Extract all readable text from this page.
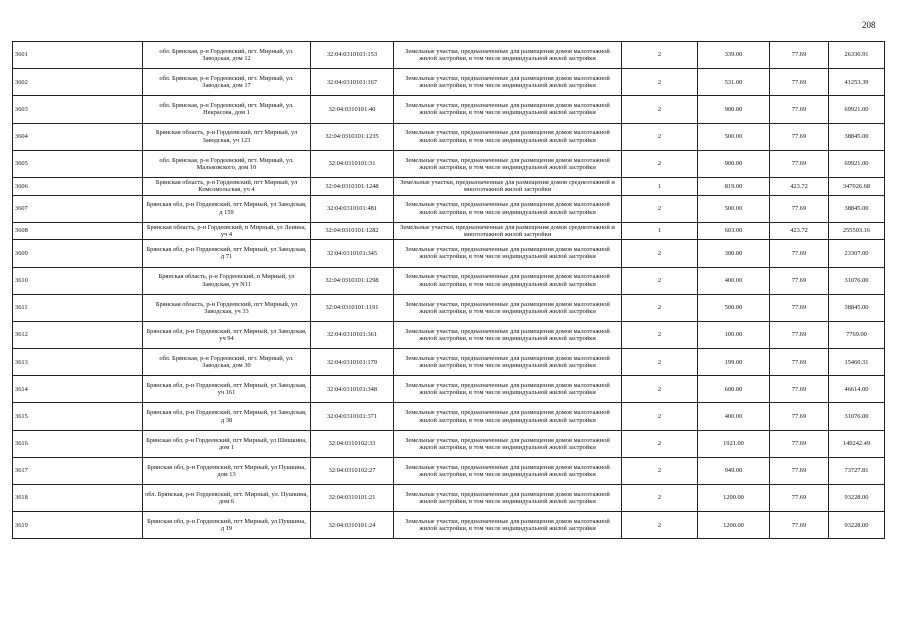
208
3601	обл. Брянская, р-н Гордеевский, пгт. Мирный, ул. Заводская, дом 12	32:04:0310101:153	Земельные участки, предназначенные для размещения домов малоэтажной жилой застройки, в том числе индивидуальной жилой застройки	2	339.00	77.69	26336.91
3602	обл. Брянская, р-н Гордеевский, пгт. Мирный, ул. Заводская, дом 17	32:04:0310101:167	Земельные участки, предназначенные для размещения домов малоэтажной жилой застройки, в том числе индивидуальной жилой застройки	2	531.00	77.69	41253.39
3603	обл. Брянская, р-н Гордеевский, пгт. Мирный, ул. Некрасова, дом 1	32:04:0310101:40	Земельные участки, предназначенные для размещения домов малоэтажной жилой застройки, в том числе индивидуальной жилой застройки	2	900.00	77.69	69921.00
3604	Брянская область, р-н Гордеевский, пгт Мирный, ул Заводская, уч 123	32:04:0310101:1235	Земельные участки, предназначенные для размещения домов малоэтажной жилой застройки, в том числе индивидуальной жилой застройки	2	500.00	77.69	38845.00
3605	обл. Брянская, р-н Гордеевский, пгт. Мирный, ул. Мальковского, дом 10	32:04:0310101:31	Земельные участки, предназначенные для размещения домов малоэтажной жилой застройки, в том числе индивидуальной жилой застройки	2	900.00	77.69	69921.00
3606	Брянская область, р-н Гордеевский, пгт Мирный, ул Комсомольская, уч 4	32:04:0310101:1248	Земельные участки, предназначенные для размещения домов среднеэтажной и многоэтажной жилой застройки	1	819.00	423.72	347026.68
3607	Брянская обл, р-н Гордеевский, пгт Мирный, ул Заводская, д 159	32:04:0310101:481	Земельные участки, предназначенные для размещения домов малоэтажной жилой застройки, в том числе индивидуальной жилой застройки	2	500.00	77.69	38845.00
3608	Брянская область, р-н Гордеевский, п Мирный, ул Ленина, уч 4	32:04:0310101:1282	Земельные участки, предназначенные для размещения домов среднеэтажной и многоэтажной жилой застройки	1	603.00	423.72	255503.16
3609	Брянская обл, р-н Гордеевский, пгт Мирный, ул Заводская, д 71	32:04:0310101:345	Земельные участки, предназначенные для размещения домов малоэтажной жилой застройки, в том числе индивидуальной жилой застройки	2	300.00	77.69	23307.00
3610	Брянская область, р-н Гордеевский, п Мирный, ул Заводская, уч N11	32:04:0310101:1298	Земельные участки, предназначенные для размещения домов малоэтажной жилой застройки, в том числе индивидуальной жилой застройки	2	400.00	77.69	31076.00
3611	Брянская область, р-н Гордеевский, пгт Мирный, ул Заводская, уч 33	32:04:0310101:1191	Земельные участки, предназначенные для размещения домов малоэтажной жилой застройки, в том числе индивидуальной жилой застройки	2	500.00	77.69	38845.00
3612	Брянская обл, р-н Гордеевский, пгт Мирный, ул Заводская, уч 94	32:04:0310101:361	Земельные участки, предназначенные для размещения домов малоэтажной жилой застройки, в том числе индивидуальной жилой застройки	2	100.00	77.69	7769.00
3613	обл. Брянская, р-н Гордеевский, пгт. Мирный, ул. Заводская, дом 30	32:04:0310101:179	Земельные участки, предназначенные для размещения домов малоэтажной жилой застройки, в том числе индивидуальной жилой застройки	2	199.00	77.69	15460.31
3614	Брянская обл, р-н Гордеевский, пгт Мирный, ул Заводская, уч 161	32:04:0310101:348	Земельные участки, предназначенные для размещения домов малоэтажной жилой застройки, в том числе индивидуальной жилой застройки	2	600.00	77.69	46614.00
3615	Брянская обл, р-н Гордеевский, пгт Мирный, ул Заводская, д 38	32:04:0310101:371	Земельные участки, предназначенные для размещения домов малоэтажной жилой застройки, в том числе индивидуальной жилой застройки	2	400.00	77.69	31076.00
3616	Брянская обл, р-н Гордеевский, пгт Мирный, ул Шишкина, дом 1	32:04:0310102:33	Земельные участки, предназначенные для размещения домов малоэтажной жилой застройки, в том числе индивидуальной жилой застройки	2	1921.00	77.69	149242.49
3617	Брянская обл, р-н Гордеевский, пгт Мирный, ул Пушкина, дом 13	32:04:0310102:27	Земельные участки, предназначенные для размещения домов малоэтажной жилой застройки, в том числе индивидуальной жилой застройки	2	949.00	77.69	73727.81
3618	обл. Брянская, р-н Гордеевский, пгт. Мирный, ул. Пушкина, дом 6	32:04:0310101:21	Земельные участки, предназначенные для размещения домов малоэтажной жилой застройки, в том числе индивидуальной жилой застройки	2	1200.00	77.69	93228.00
3619	Брянская обл, р-н Гордеевский, пгт Мирный, ул Пушкина, д 19	32:04:0310101:24	Земельные участки, предназначенные для размещения домов малоэтажной жилой застройки, в том числе индивидуальной жилой застройки	2	1200.00	77.69	93228.00
